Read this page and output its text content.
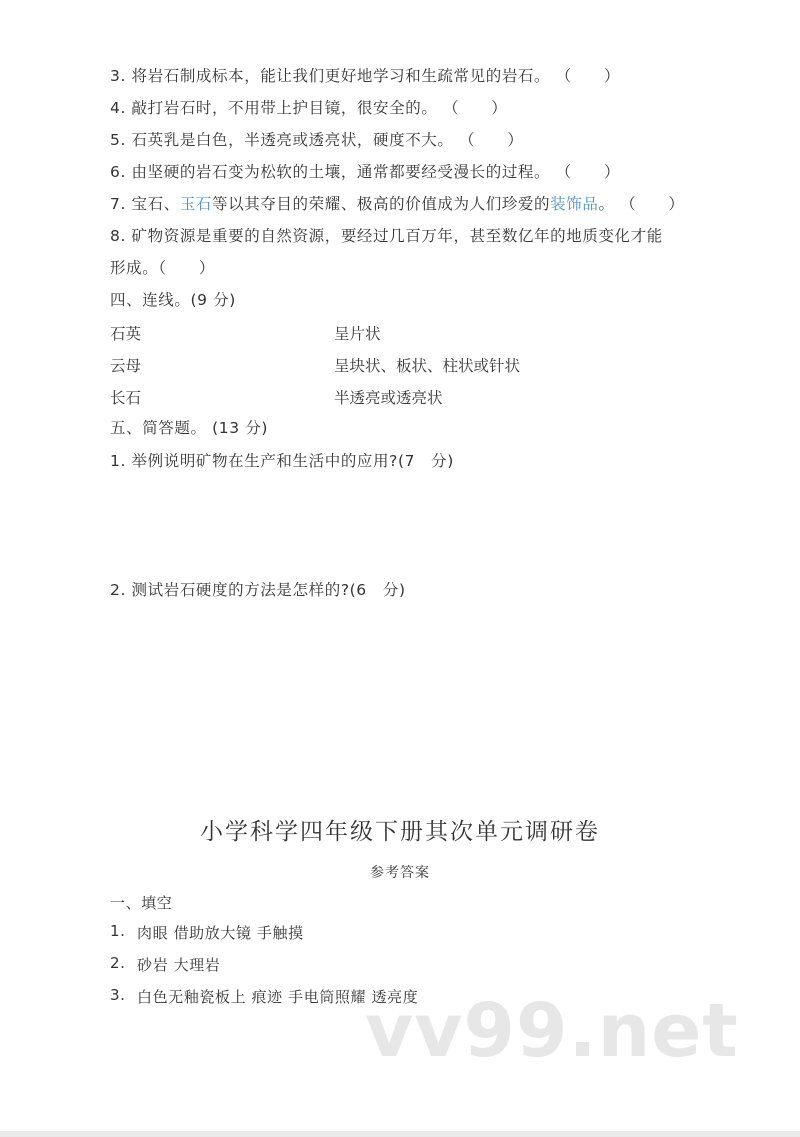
3. 将岩石制成标本，能让我们更好地学习和生疏常见的岩石。 （　　）
4. 敲打岩石时，不用带上护目镜，很安全的。 （　　）
5. 石英乳是白色，半透亮或透亮状，硬度不大。 （　　）
6. 由坚硬的岩石变为松软的土壤，通常都要经受漫长的过程。 （　　）
7. 宝石、玉石等以其夺目的荣耀、极高的价值成为人们珍爱的装饰品。 （　　）
8. 矿物资源是重要的自然资源，要经过几百万年，甚至数亿年的地质变化才能
形成。（　　）
四、连线。(9 分)
石英	呈片状
云母	呈块状、板状、柱状或针状
长石	半透亮或透亮状
五、简答题。 (13 分)
1. 举例说明矿物在生产和生活中的应用?(7　分)
2. 测试岩石硬度的方法是怎样的?(6　分)
小学科学四年级下册其次单元调研卷
参考答案
一、填空
1. 肉眼 借助放大镜 手触摸
2. 砂岩 大理岩
3. 白色无釉瓷板上 痕迹 手电筒照耀 透亮度
vv99.net
